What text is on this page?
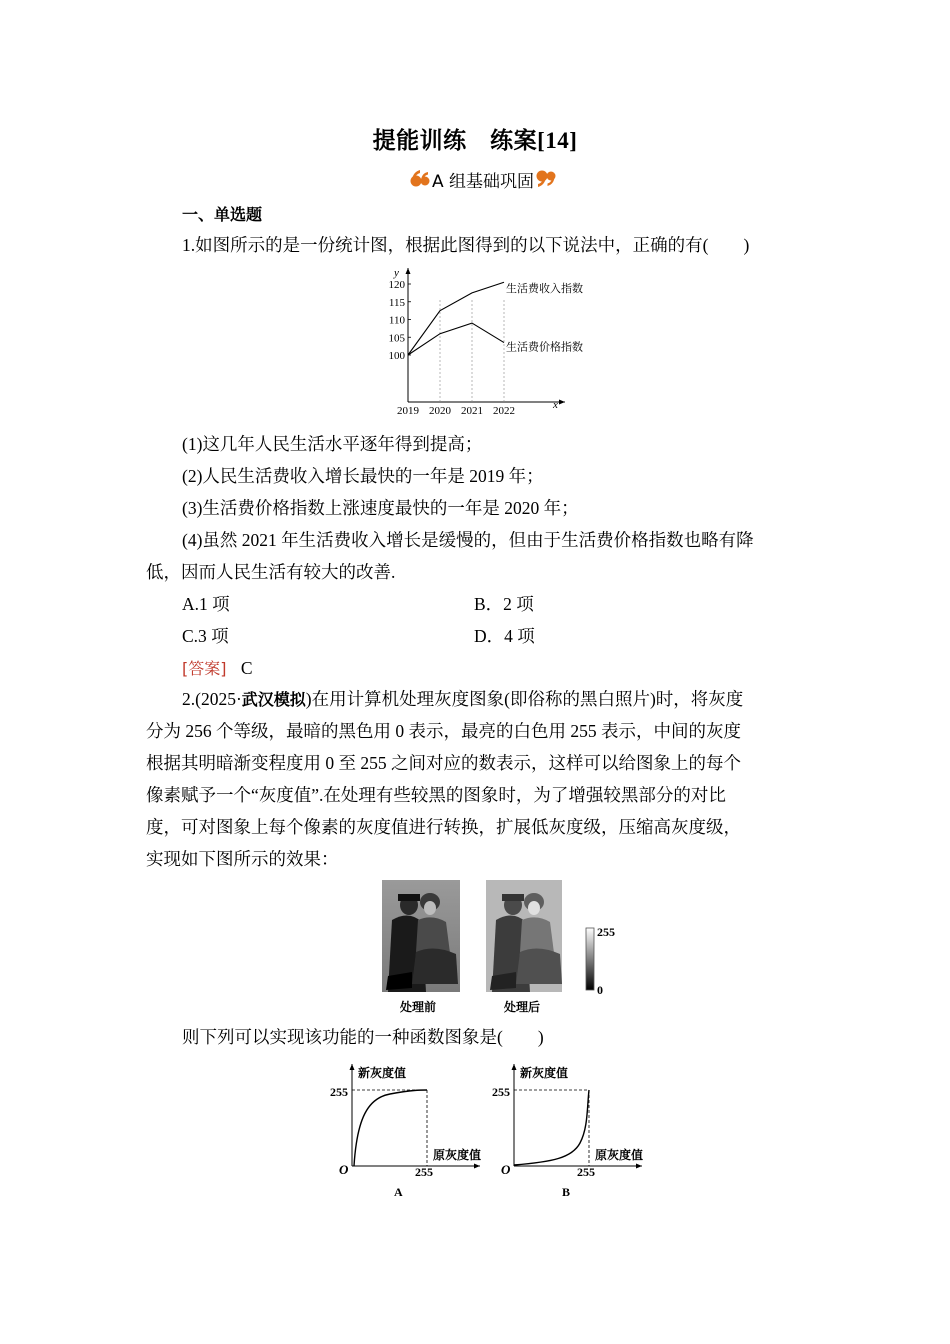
提能训练　练案[14]
A 组基础巩固
一、单选题
1.如图所示的是一份统计图，根据此图得到的以下说法中，正确的有(　　)
y
x
100
105
110
115
120
2019 2020 2021 2022
生活费收入指数
生活费价格指数
(1)这几年人民生活水平逐年得到提高；
(2)人民生活费收入增长最快的一年是 2019 年；
(3)生活费价格指数上涨速度最快的一年是 2020 年；
(4)虽然 2021 年生活费收入增长是缓慢的，但由于生活费价格指数也略有降
低，因而人民生活有较大的改善.
A.1 项	B．2 项
C.3 项	D．4 项
[答案] C
2.(2025·武汉模拟)在用计算机处理灰度图象(即俗称的黑白照片)时，将灰度
分为 256 个等级，最暗的黑色用 0 表示，最亮的白色用 255 表示，中间的灰度
根据其明暗渐变程度用 0 至 255 之间对应的数表示，这样可以给图象上的每个
像素赋予一个“灰度值”.在处理有些较黑的图象时，为了增强较黑部分的对比
度，可对图象上每个像素的灰度值进行转换，扩展低灰度级，压缩高灰度级，
实现如下图所示的效果：
处理前	处理后
255
0
则下列可以实现该功能的一种函数图象是(　　)
新灰度值
255
原灰度值
O	255
A
新灰度值
255
原灰度值
O	255
B
